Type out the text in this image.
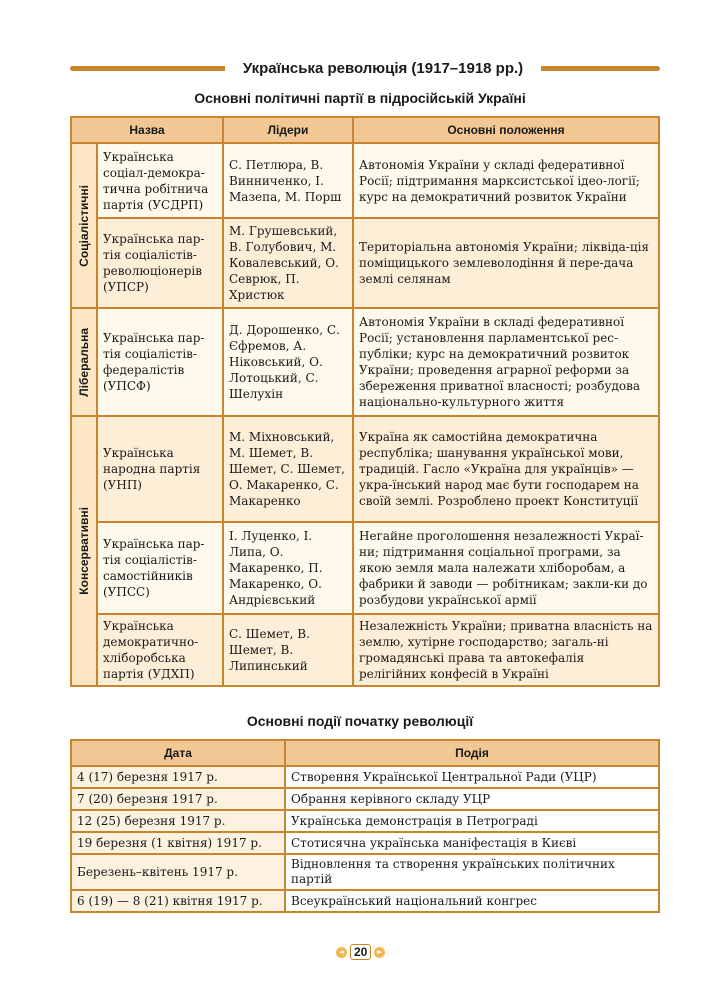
Українська революція (1917–1918 рр.)
Основні політичні партії в підросійській Україні
Назва		Лідери	Основні положення

Соціалістичні	Українська соціал-демокра-тична робітнича партія (УСДРП)	С. Петлюра, В. Винниченко, І. Мазепа, М. Порш	Автономія України у складі федеративної Росії; підтримання марксистської ідео-логії; курс на демократичний розвиток України
	Українська пар-тія соціалістів-революціонерів (УПСР)	М. Грушевський, В. Голубович, М. Ковалевський, О. Севрюк, П. Христюк	Територіальна автономія України; ліквіда-ція поміщицького землеволодіння й пере-дача землі селянам

Ліберальна	Українська пар-тія соціалістів-федералістів (УПСФ)	Д. Дорошенко, С. Єфремов, А. Ніковський, О. Лотоцький, С. Шелухін	Автономія України в складі федеративної Росії; установлення парламентської рес-публіки; курс на демократичний розвиток України; проведення аграрної реформи за збереження приватної власності; розбудова національно-культурного життя

Консервативні	Українська народна партія (УНП)	М. Міхновський, М. Шемет, В. Шемет, С. Шемет, О. Макаренко, С. Макаренко	Україна як самостійна демократична республіка; шанування української мови, традицій. Гасло «Україна для українців» — укра-їнський народ має бути господарем на своїй землі. Розроблено проект Конституції
	Українська пар-тія соціалістів-самостійників (УПСС)	І. Луценко, І. Липа, О. Макаренко, П. Макаренко, О. Андрієвський	Негайне проголошення незалежності Украї-ни; підтримання соціальної програми, за якою земля мала належати хліборобам, а фабрики й заводи — робітникам; закли-ки до розбудови української армії
	Українська демократично-хліборобська партія (УДХП)	С. Шемет, В. Шемет, В. Липинський	Незалежність України; приватна власність на землю, хутірне господарство; загаль-ні громадянські права та автокефалія релігійних конфесій в Україні
Основні події початку революції
Дата	Подія
4 (17) березня 1917 р.	Створення Української Центральної Ради (УЦР)
7 (20) березня 1917 р.	Обрання керівного складу УЦР
12 (25) березня 1917 р.	Українська демонстрація в Петрограді
19 березня (1 квітня) 1917 р.	Стотисячна українська маніфестація в Києві
Березень–квітень 1917 р.	Відновлення та створення українських політичних партій
6 (19) — 8 (21) квітня 1917 р.	Всеукраїнський національний конгрес
◄ 20	►
